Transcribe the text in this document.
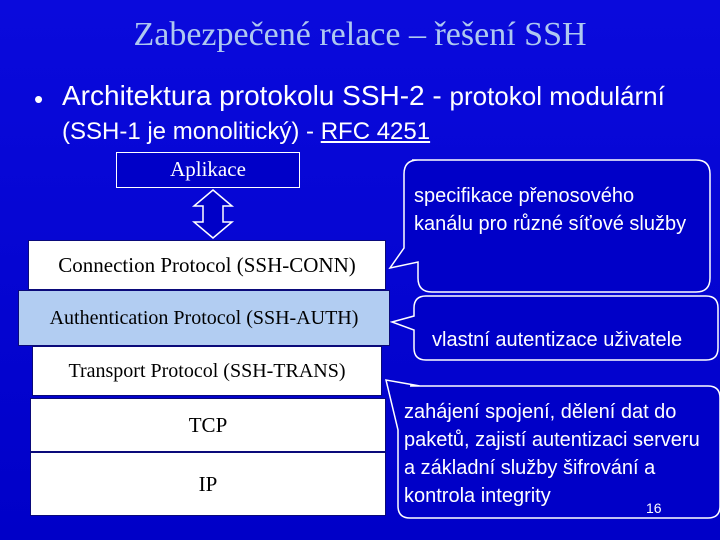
Zabezpečené relace – řešení SSH
• Architektura protokolu SSH-2 - protokol modulární
(SSH-1 je monolitický) - RFC 4251
Aplikace
Connection Protocol (SSH-CONN)
Authentication Protocol (SSH-AUTH)
Transport Protocol (SSH-TRANS)
TCP
IP
specifikace přenosového kanálu pro různé síťové služby
vlastní autentizace uživatele
zahájení spojení, dělení dat do paketů, zajistí autentizaci serveru a základní služby šifrování a kontrola integrity
16
